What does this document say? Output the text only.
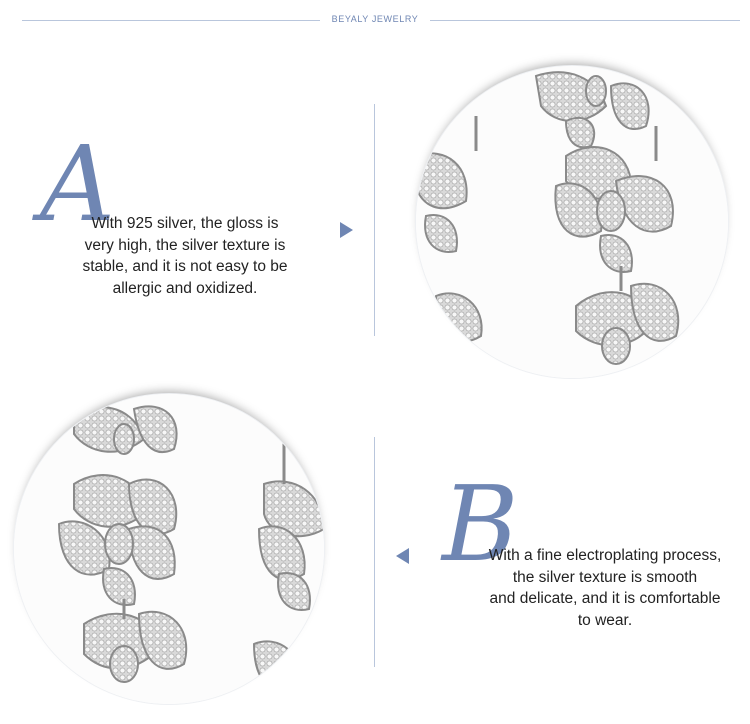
BEYALY JEWELRY
A
With 925 silver, the gloss is
very high, the silver texture is
stable, and it is not easy to be
allergic and oxidized.
B
With a fine electroplating process,
the silver texture is smooth
and delicate, and it is comfortable
to wear.
